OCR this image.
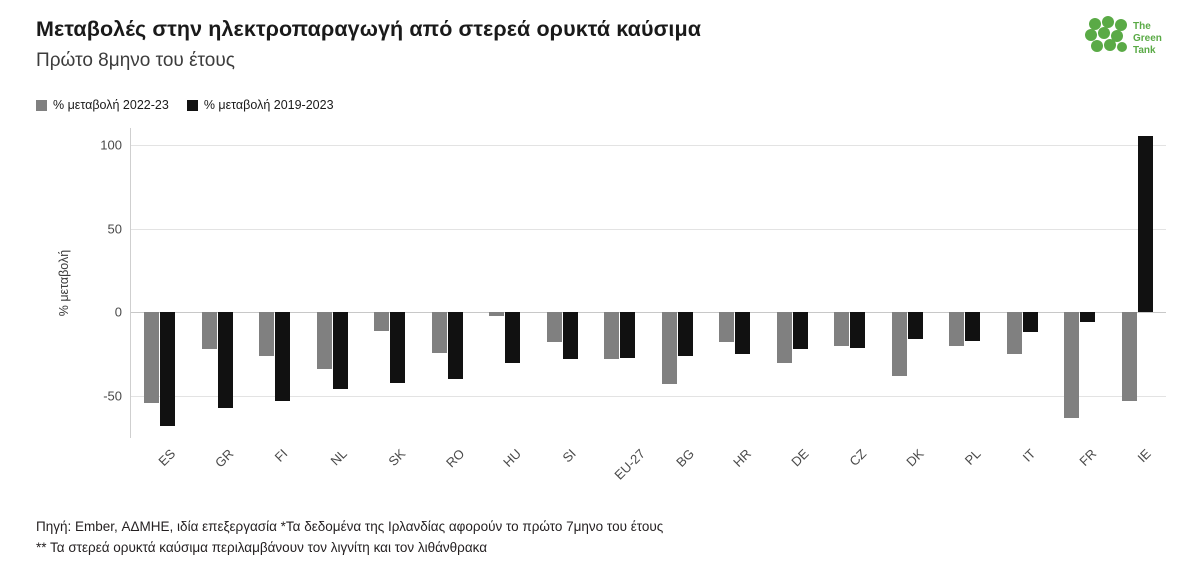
Μεταβολές στην ηλεκτροπαραγωγή από στερεά ορυκτά καύσιμα
Πρώτο 8μηνο του έτους
The
Green
Tank
% μεταβολή 2022-23	% μεταβολή 2019-2023
% μεταβολή
-50
0
50
100
ES	GR	FI	NL	SK	RO	HU	SI	EU-27 BG	HR	DE	CZ	DK	PL	IT	FR	IE

Πηγή: Ember, ΑΔΜΗΕ, ιδία επεξεργασία *Τα δεδομένα της Ιρλανδίας αφορούν το πρώτο 7μηνο του έτους

** Τα στερεά ορυκτά καύσιμα περιλαμβάνουν τον λιγνίτη και τον λιθάνθρακα
